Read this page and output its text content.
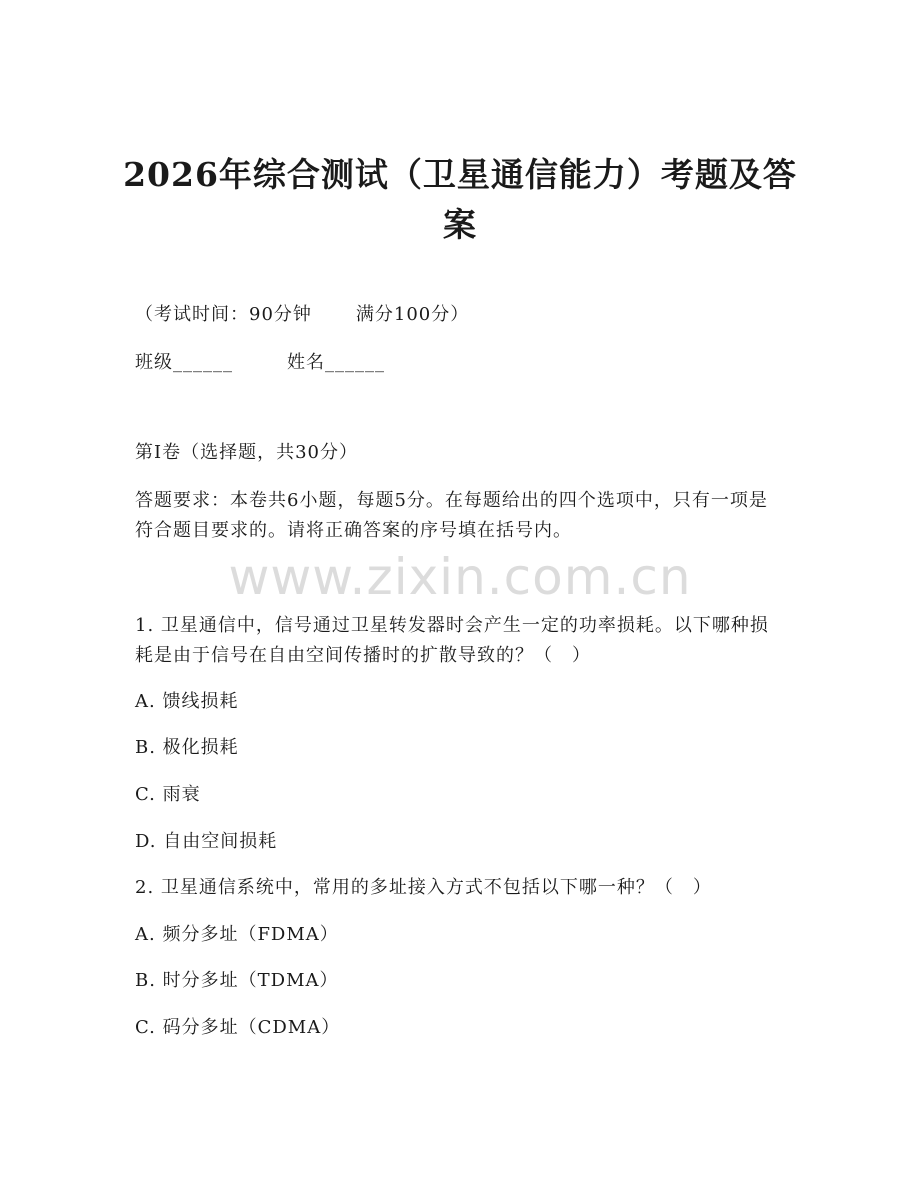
2026年综合测试（卫星通信能力）考题及答案
（考试时间：90分钟 满分100分）
班级______	姓名______
第I卷（选择题，共30分）
答题要求：本卷共6小题，每题5分。在每题给出的四个选项中，只有一项是符合题目要求的。请将正确答案的序号填在括号内。
www.zixin.com.cn
1. 卫星通信中，信号通过卫星转发器时会产生一定的功率损耗。以下哪种损耗是由于信号在自由空间传播时的扩散导致的？（　）
A. 馈线损耗
B. 极化损耗
C. 雨衰
D. 自由空间损耗
2. 卫星通信系统中，常用的多址接入方式不包括以下哪一种？（　）
A. 频分多址（FDMA）
B. 时分多址（TDMA）
C. 码分多址（CDMA）
